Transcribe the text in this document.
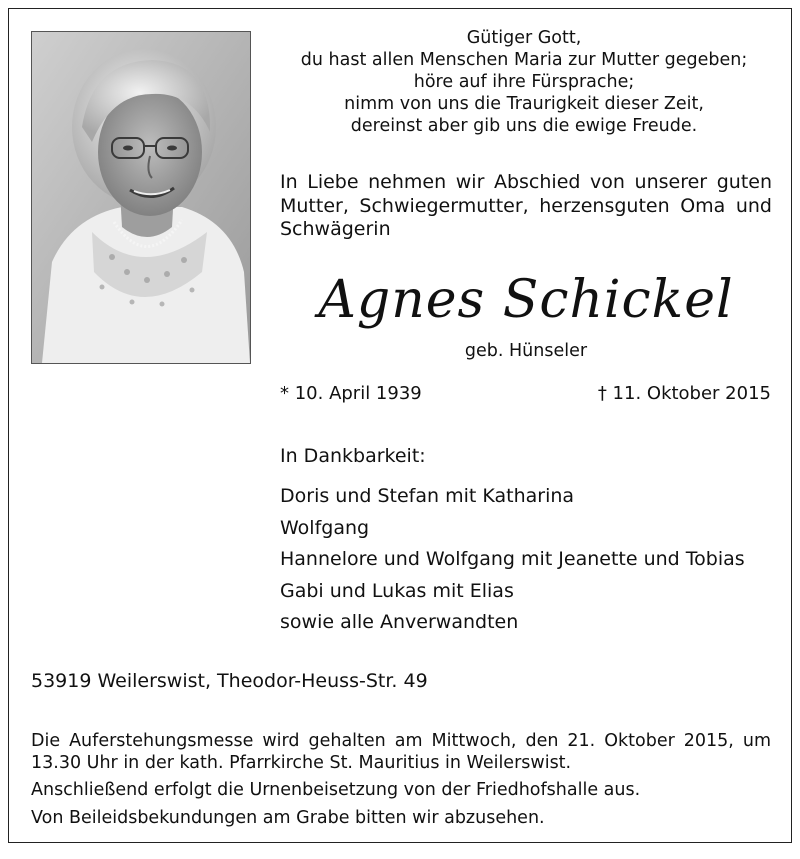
Gütiger Gott,
du hast allen Menschen Maria zur Mutter gegeben;
höre auf ihre Fürsprache;
nimm von uns die Traurigkeit dieser Zeit,
dereinst aber gib uns die ewige Freude.
In Liebe nehmen wir Abschied von unserer guten Mutter, Schwiegermutter, herzensguten Oma und Schwägerin
Agnes Schickel
geb. Hünseler
* 10. April 1939	† 11. Oktober 2015
In Dankbarkeit:
Doris und Stefan mit Katharina
Wolfgang
Hannelore und Wolfgang mit Jeanette und Tobias
Gabi und Lukas mit Elias
sowie alle Anverwandten
53919 Weilerswist, Theodor-Heuss-Str. 49

Die Auferstehungsmesse wird gehalten am Mittwoch, den 21. Oktober 2015, um 13.30 Uhr in der kath. Pfarrkirche St. Mauritius in Weilerswist.

Anschließend erfolgt die Urnenbeisetzung von der Friedhofshalle aus.

Von Beileidsbekundungen am Grabe bitten wir abzusehen.
